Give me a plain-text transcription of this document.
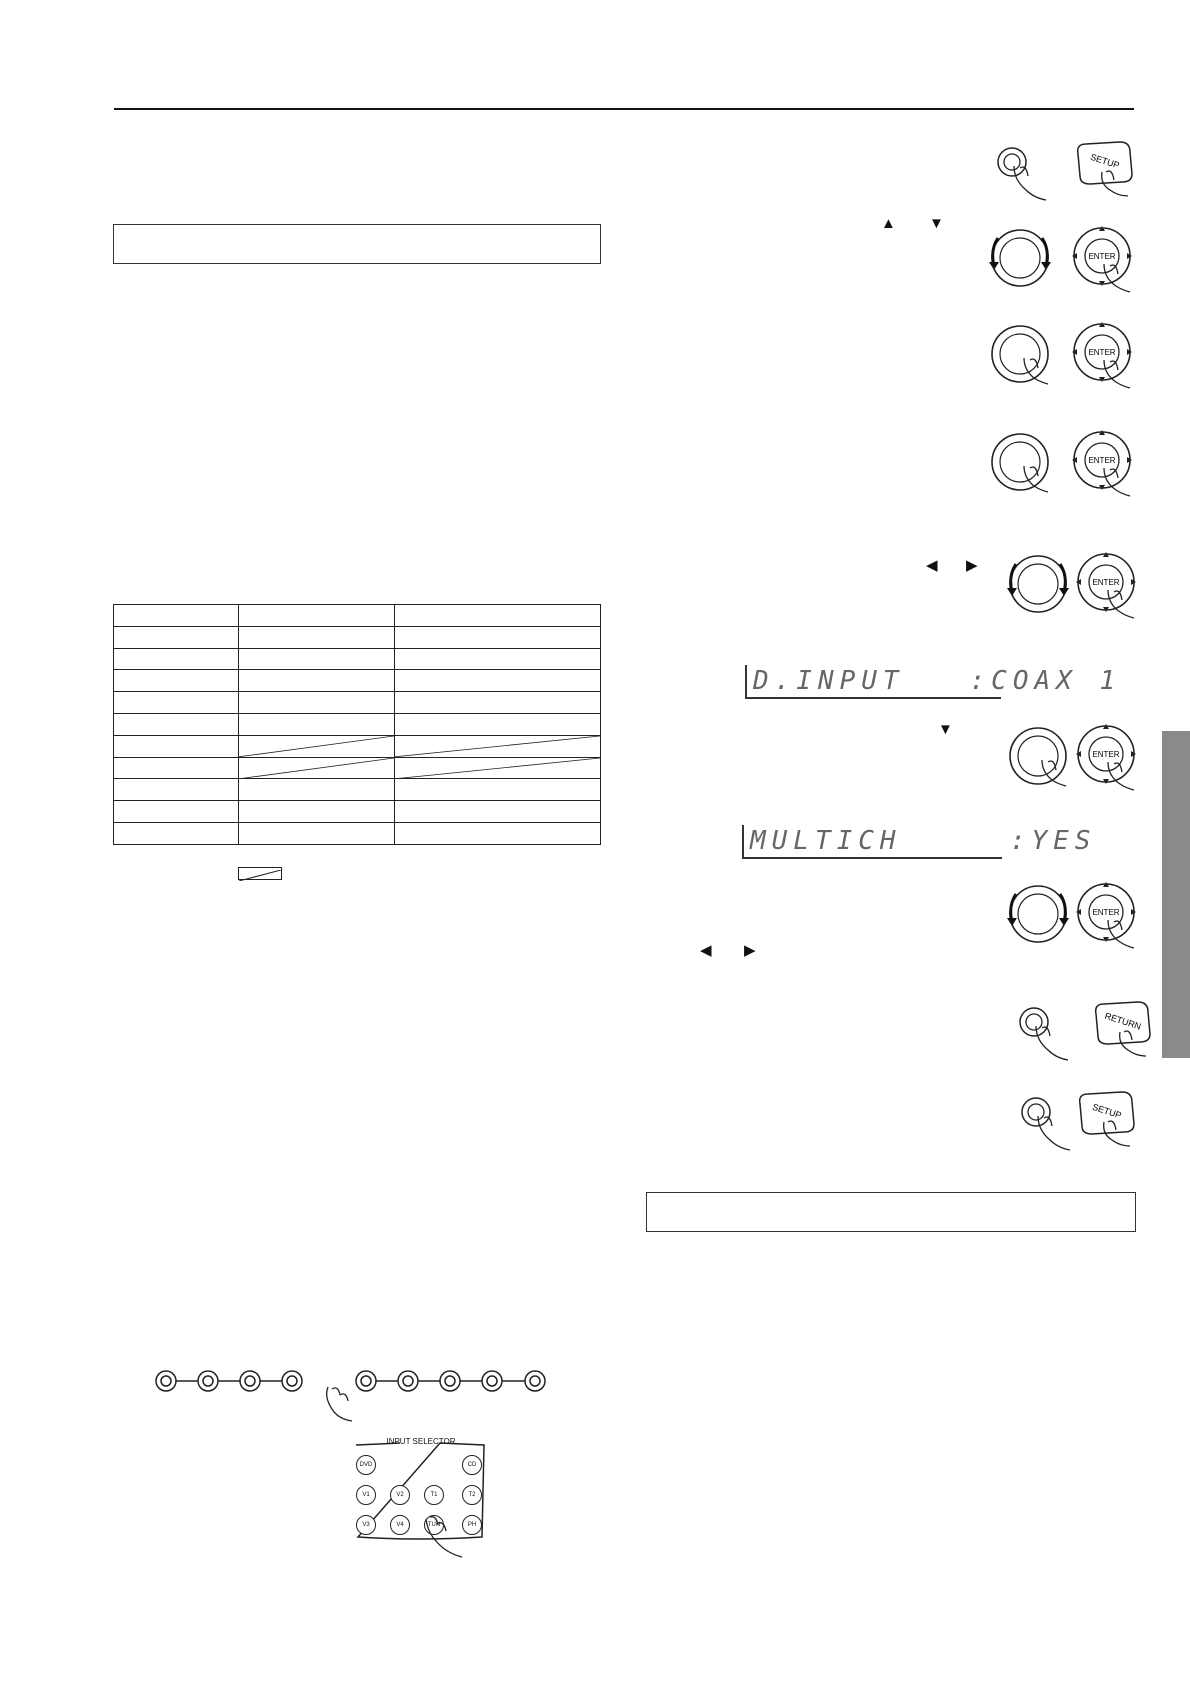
INPUT SELECTOR
DVD	CD
V1	V2	T1	T2
V3	V4	TUN	PH
D.INPUT   :COAX 1
MULTICH     :YES
▲ ▼
◀ ▶
▼
◀ ▶
SETUP
ENTER
ENTER
ENTER
ENTER
ENTER
ENTER
RETURN
SETUP
